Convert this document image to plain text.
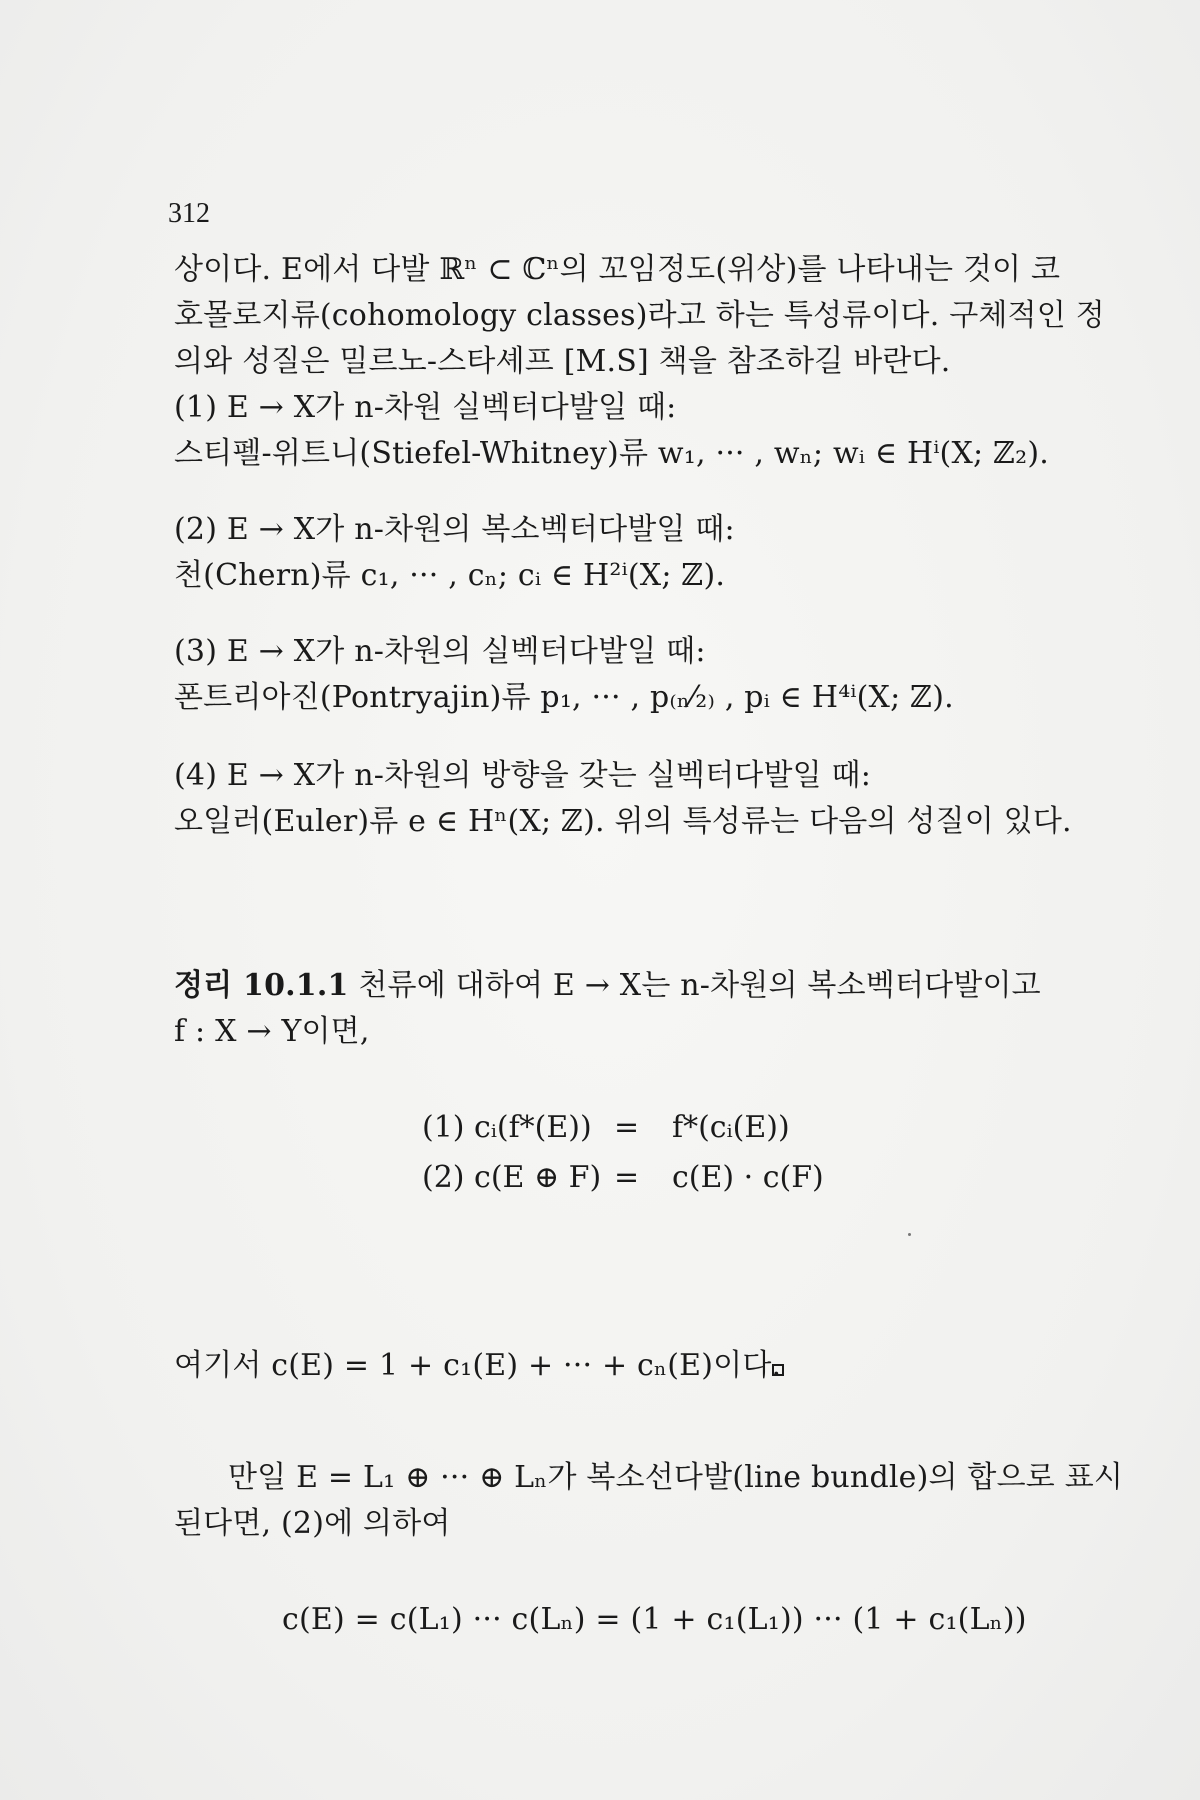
312
상이다. E에서 다발 ℝⁿ ⊂ ℂⁿ의 꼬임정도(위상)를 나타내는 것이 코
호몰로지류(cohomology classes)라고 하는 특성류이다. 구체적인 정
의와 성질은 밀르노-스타셰프 [M.S] 책을 참조하길 바란다.
(1) E → X가 n-차원 실벡터다발일 때:
스티펠-위트니(Stiefel-Whitney)류 w₁, ··· , wₙ; wᵢ ∈ Hⁱ(X; ℤ₂).
(2) E → X가 n-차원의 복소벡터다발일 때:
천(Chern)류 c₁, ··· , cₙ; cᵢ ∈ H²ⁱ(X; ℤ).
(3) E → X가 n-차원의 실벡터다발일 때:
폰트리아진(Pontryajin)류 p₁, ··· , p₍ₙ⁄₂₎ , pᵢ ∈ H⁴ⁱ(X; ℤ).
(4) E → X가 n-차원의 방향을 갖는 실벡터다발일 때:
오일러(Euler)류 e ∈ Hⁿ(X; ℤ). 위의 특성류는 다음의 성질이 있다.
정리 10.1.1 천류에 대하여 E → X는 n-차원의 복소벡터다발이고
f : X → Y이면,
(1) cᵢ(f*(E)) = f*(cᵢ(E))
(2) c(E ⊕ F) = c(E) · c(F)
여기서 c(E) = 1 + c₁(E) + ··· + cₙ(E)이다.
만일 E = L₁ ⊕ ··· ⊕ Lₙ가 복소선다발(line bundle)의 합으로 표시
된다면, (2)에 의하여
c(E) = c(L₁) ··· c(Lₙ) = (1 + c₁(L₁)) ··· (1 + c₁(Lₙ))
